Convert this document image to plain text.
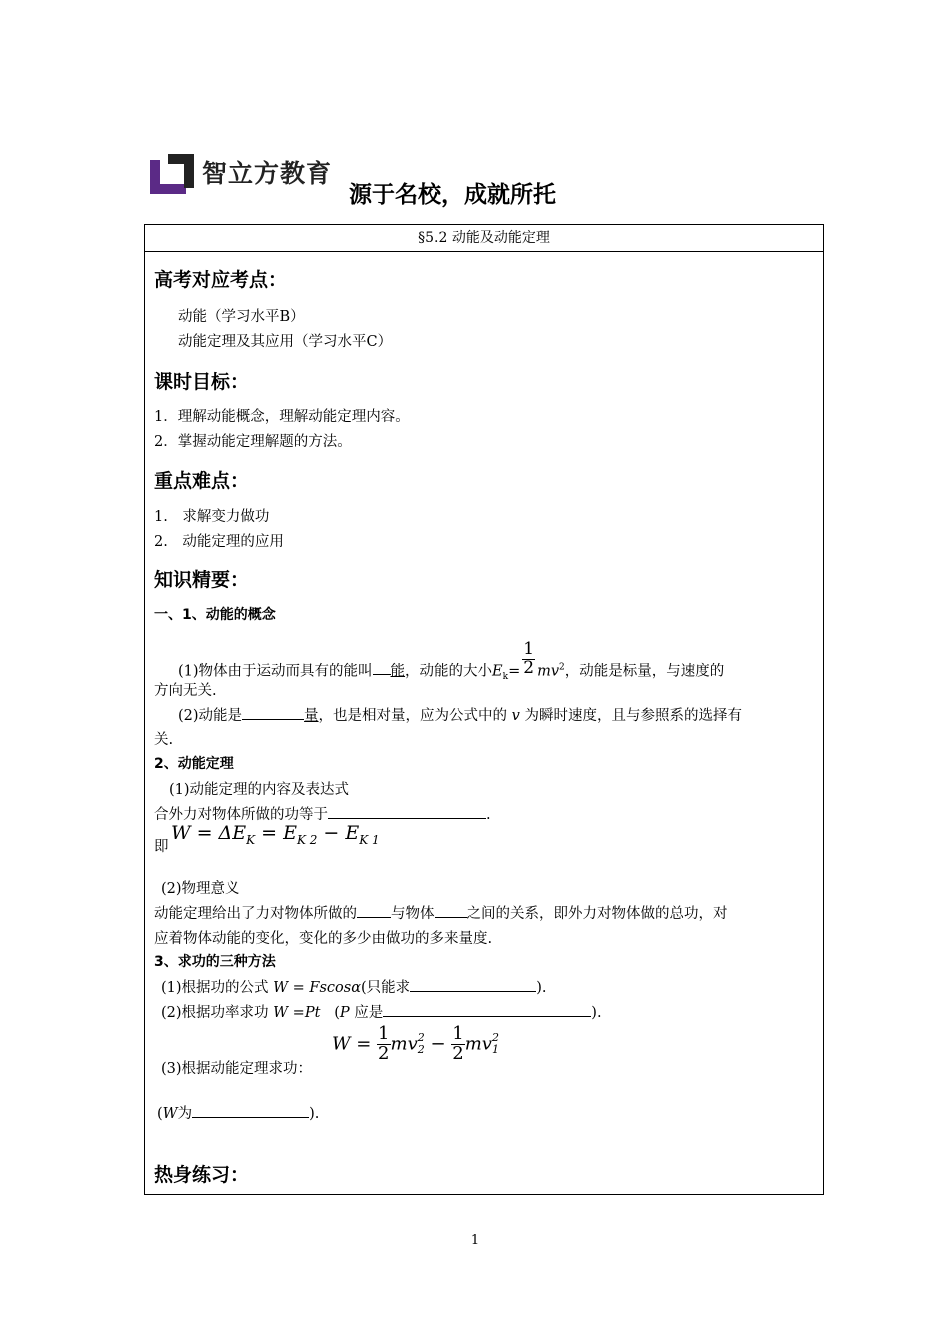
智立方教育
源于名校，成就所托
§5.2 动能及动能定理
高考对应考点：
动能（学习水平B）
动能定理及其应用（学习水平C）
课时目标：
1．理解动能概念，理解动能定理内容。
2．掌握动能定理解题的方法。
重点难点：
1.　求解变力做功
2.　动能定理的应用
知识精要：
一、1、动能的概念
(1)物体由于运动而具有的能叫 能，动能的大小$E_k= \frac{1}{2} mv^2$，动能是标量，与速度的
方向无关.
(2)动能是	量，也是相对量，应为公式中的 v 为瞬时速度，且与参照系的选择有
关.
2、动能定理
(1)动能定理的内容及表达式
合外力对物体所做的功等于	.
即
$W = \Delta E_K = E_{K 2} - E_{K 1}$
(2)物理意义
动能定理给出了力对物体所做的 与物体 之间的关系，即外力对物体做的总功，对
应着物体动能的变化，变化的多少由做功的多来量度.
3、求功的三种方法
(1)根据功的公式 W = Fscosα(只能求	).
(2)根据功率求功 W =Pt (P 应是	).
(3)根据动能定理求功：
$W = \frac{1}{2}$ mv 2
$2 - \frac{1}{2}$ mv 2
1
(W为	).
热身练习：
1
